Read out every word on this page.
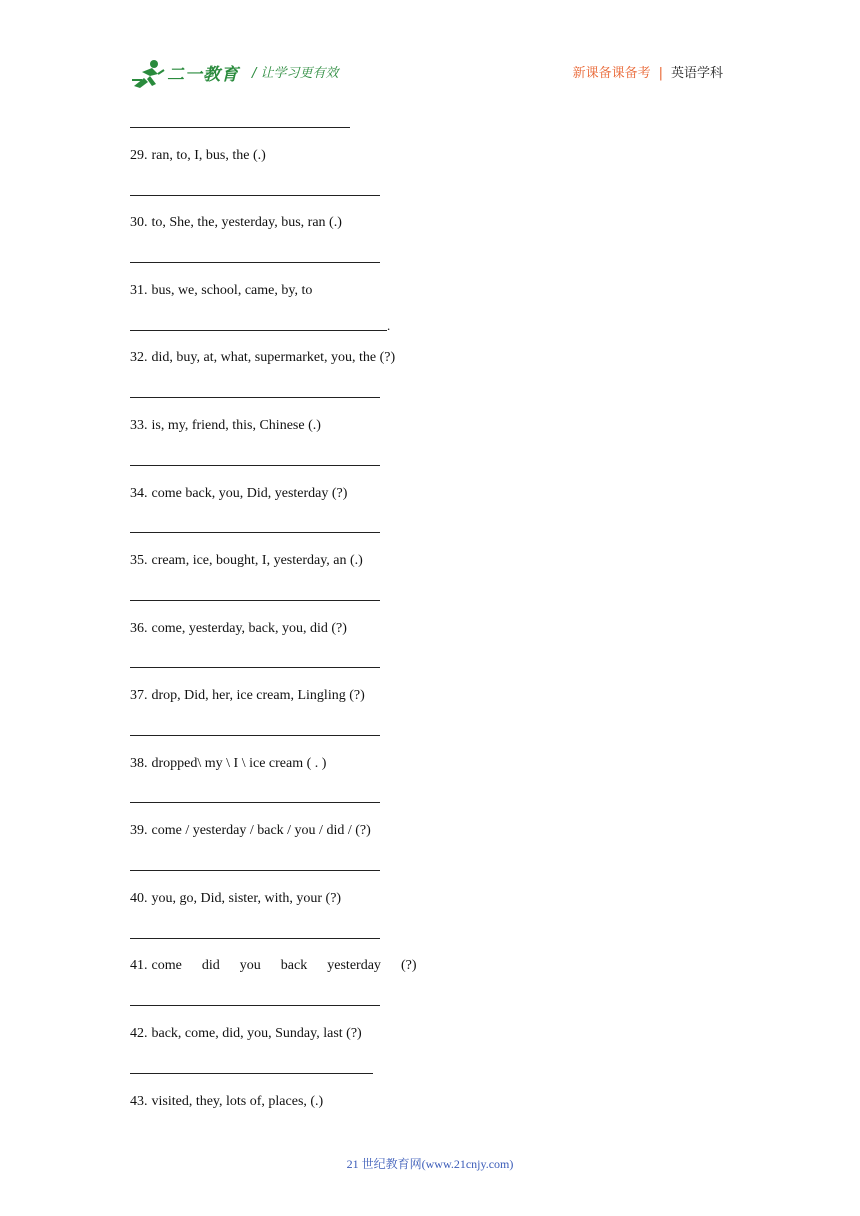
二一教育 / 让学习更有效	新课备课备考 | 英语学科
29. ran, to, I, bus, the (.)
30. to, She, the, yesterday, bus, ran (.)
31. bus, we, school, came, by, to
.
32. did, buy, at, what, supermarket, you, the (?)
33. is, my, friend, this, Chinese (.)
34. come back, you, Did, yesterday (?)
35. cream, ice, bought, I, yesterday, an (.)
36. come, yesterday, back, you, did (?)
37. drop, Did, her, ice cream, Lingling (?)
38. dropped\ my \ I \ ice cream ( . )
39. come / yesterday / back / you / did / (?)
40. you, go, Did, sister, with, your (?)
41. come did you back yesterday (?)
42. back, come, did, you, Sunday, last (?)
43. visited, they, lots of, places, (.)
21 世纪教育网(www.21cnjy.com)
